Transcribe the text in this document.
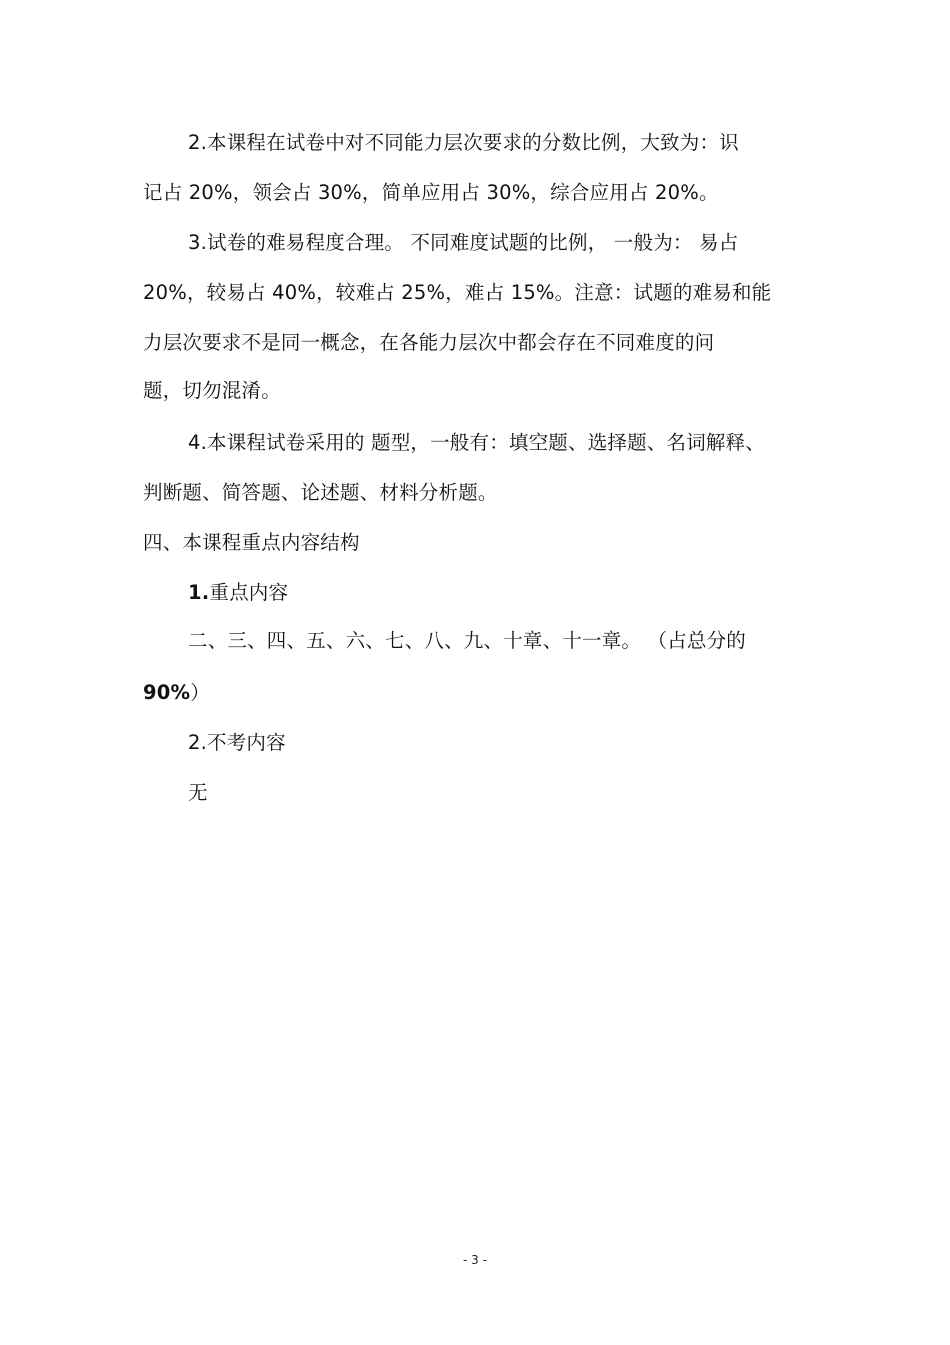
2.本课程在试卷中对不同能力层次要求的分数比例，大致为：识
记占 20%，领会占 30%，简单应用占 30%，综合应用占 20%。
3.试卷的难易程度合理。 不同难度试题的比例， 一般为： 易占
20%，较易占 40%，较难占 25%，难占 15%。注意：试题的难易和能
力层次要求不是同一概念，在各能力层次中都会存在不同难度的问
题，切勿混淆。
4.本课程试卷采用的 题型，一般有：填空题、选择题、名词解释、
判断题、简答题、论述题、材料分析题。
四、本课程重点内容结构
1.重点内容
二、三、四、五、六、七、八、九、十章、十一章。 （占总分的
90%）
2.不考内容
无
- 3 -
